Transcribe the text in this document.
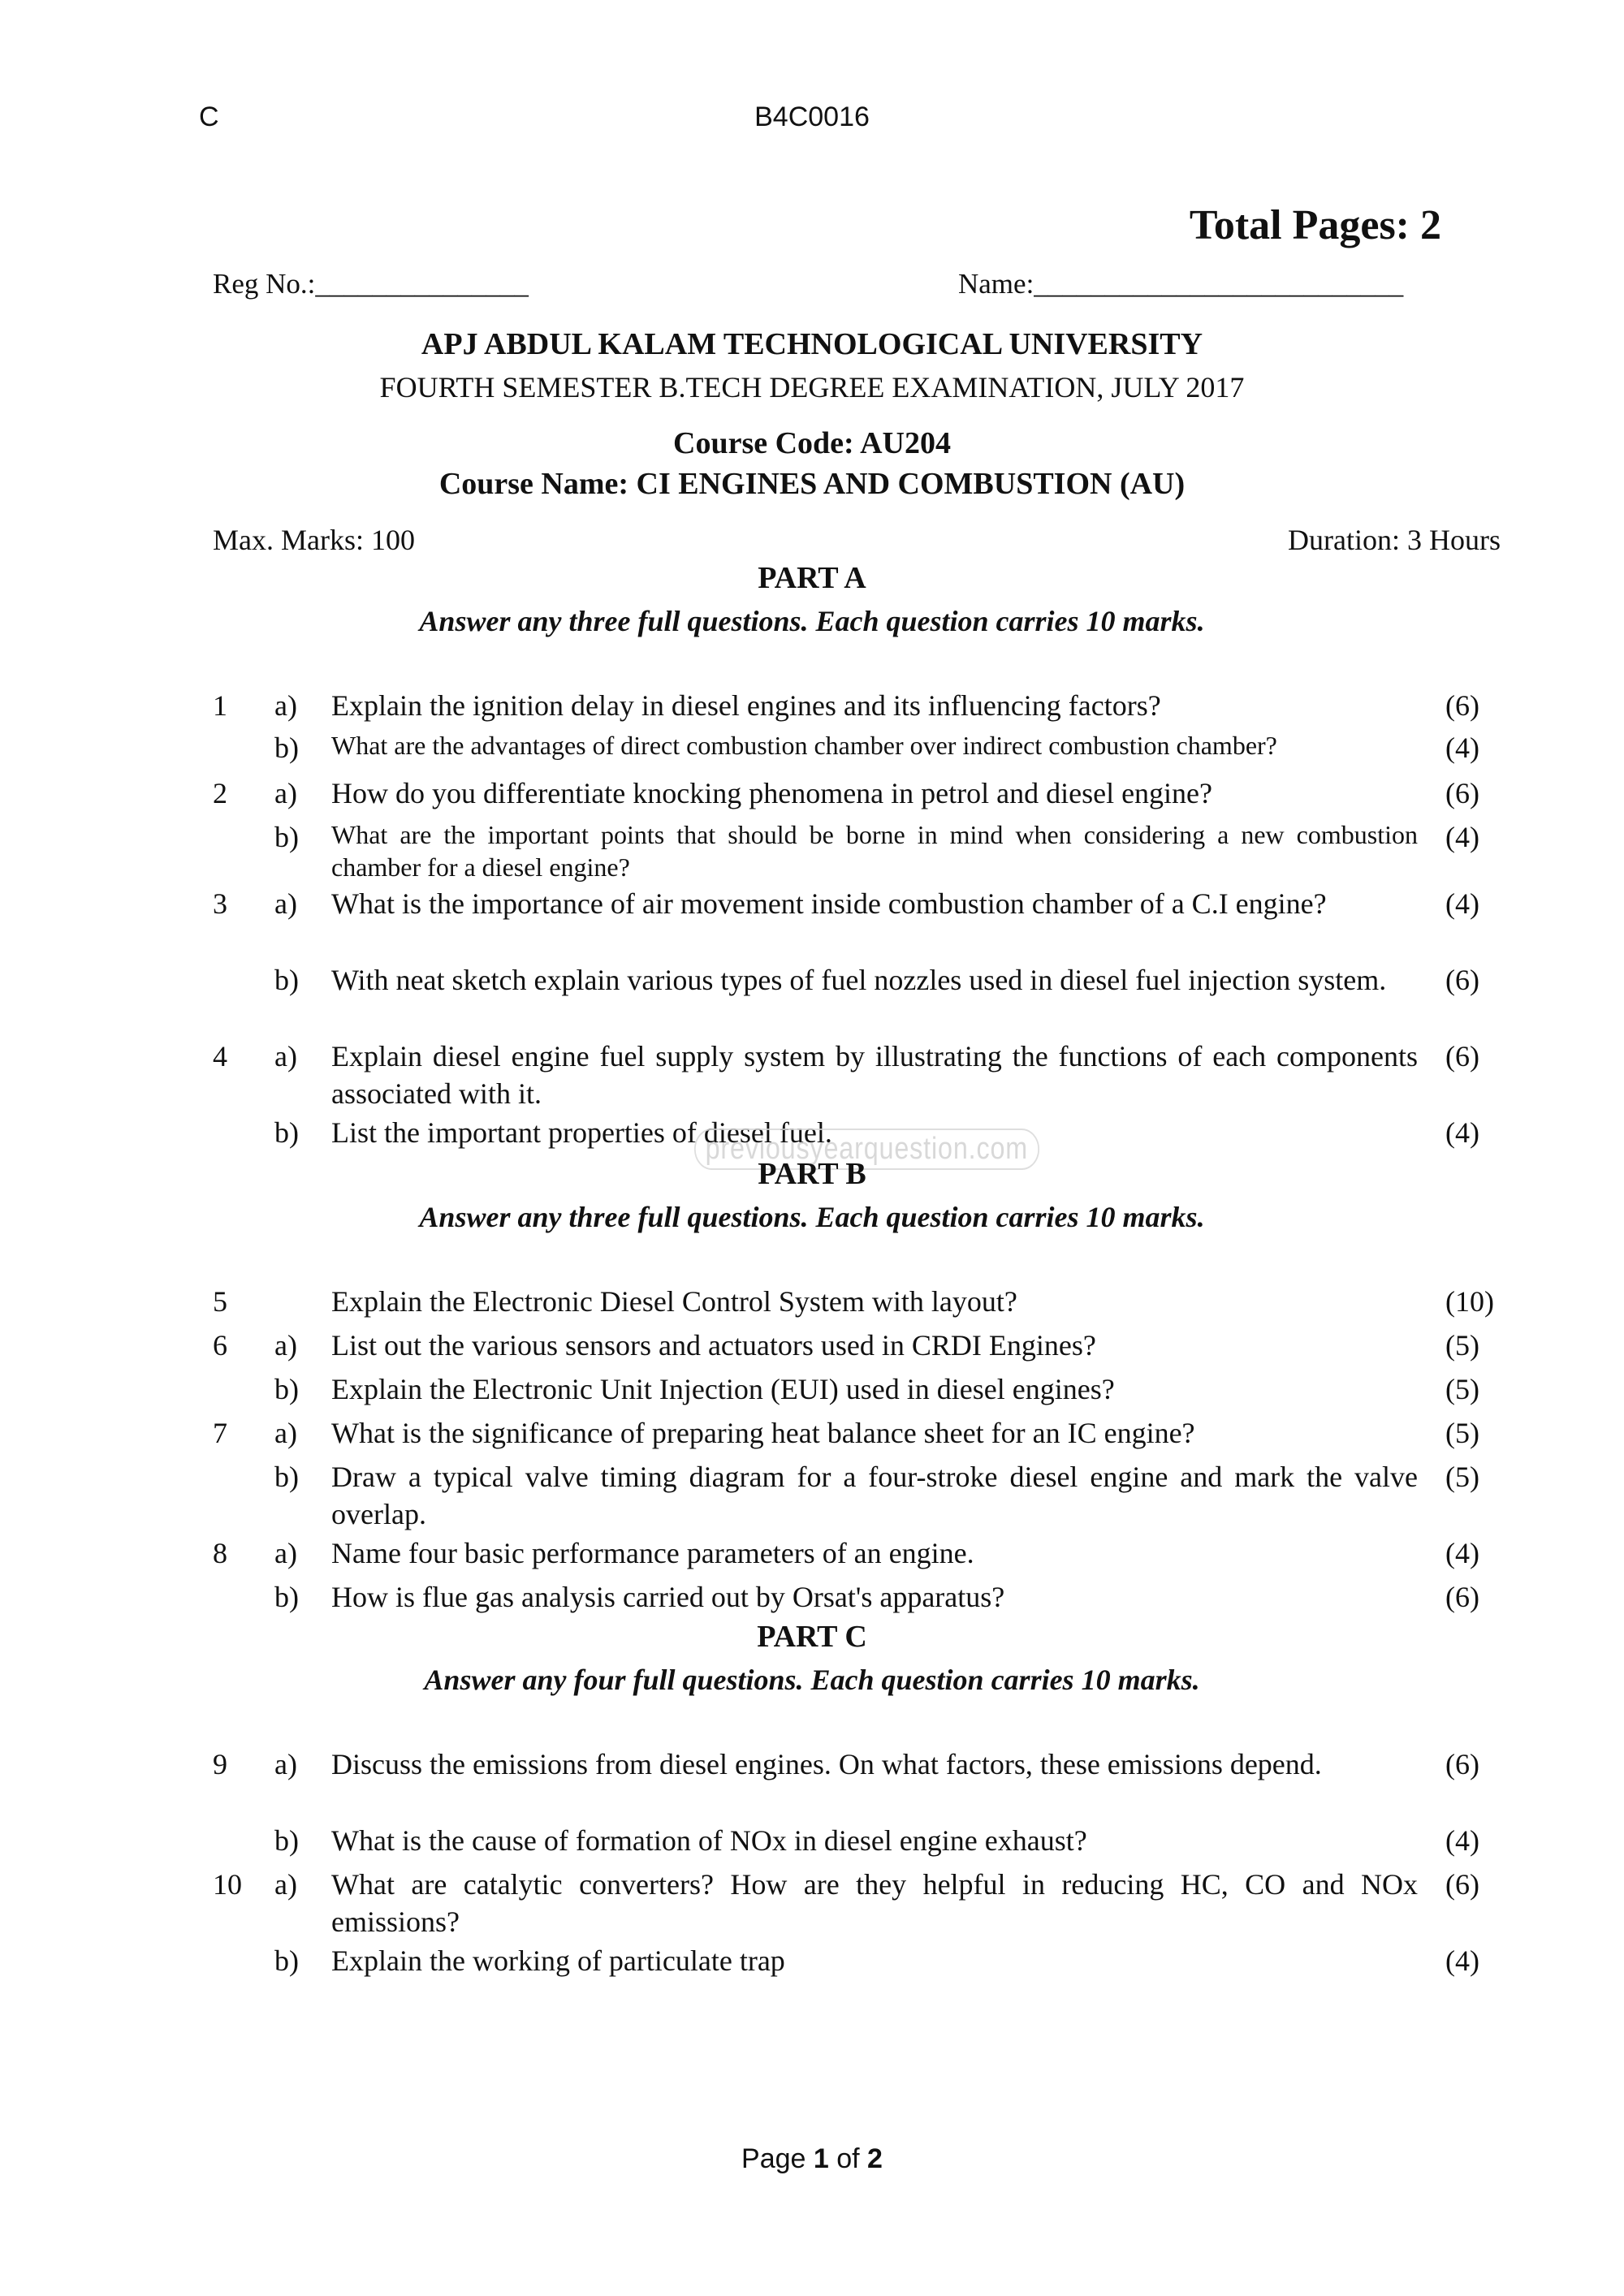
C	B4C0016
Total Pages: 2
Reg No.:_______________	Name:__________________________
APJ ABDUL KALAM TECHNOLOGICAL UNIVERSITY
FOURTH SEMESTER B.TECH DEGREE EXAMINATION, JULY 2017
Course Code: AU204
Course Name: CI ENGINES AND COMBUSTION (AU)
Max. Marks: 100	Duration: 3 Hours
PART A
Answer any three full questions. Each question carries 10 marks.
1 a) Explain the ignition delay in diesel engines and its influencing factors?	(6)
b) What are the advantages of direct combustion chamber over indirect combustion chamber?	(4)
2 a) How do you differentiate knocking phenomena in petrol and diesel engine?	(6)
b) What are the important points that should be borne in mind when considering a new combustion chamber for a diesel engine?
(4)
3 a) What is the importance of air movement inside combustion chamber of a C.I engine?	(4)
b) With neat sketch explain various types of fuel nozzles used in diesel fuel injection system.	(6)
4 a) Explain diesel engine fuel supply system by illustrating the functions of each components associated with it.
(6)
b) List the important properties of diesel fuel.	(4)
previousyearquestion.com
PART B
Answer any three full questions. Each question carries 10 marks.
5	Explain the Electronic Diesel Control System with layout?	(10)
6 a) List out the various sensors and actuators used in CRDI Engines?	(5)
b) Explain the Electronic Unit Injection (EUI) used in diesel engines?	(5)
7 a) What is the significance of preparing heat balance sheet for an IC engine?	(5)
b) Draw a typical valve timing diagram for a four-stroke diesel engine and mark the valve overlap.
(5)
8 a) Name four basic performance parameters of an engine.	(4)
b) How is flue gas analysis carried out by Orsat's apparatus?	(6)
PART C
Answer any four full questions. Each question carries 10 marks.
9 a) Discuss the emissions from diesel engines. On what factors, these emissions depend.	(6)
b) What is the cause of formation of NOx in diesel engine exhaust?	(4)
10 a) What are catalytic converters? How are they helpful in reducing HC, CO and NOx emissions?
(6)
b) Explain the working of particulate trap	(4)
Page 1 of 2
